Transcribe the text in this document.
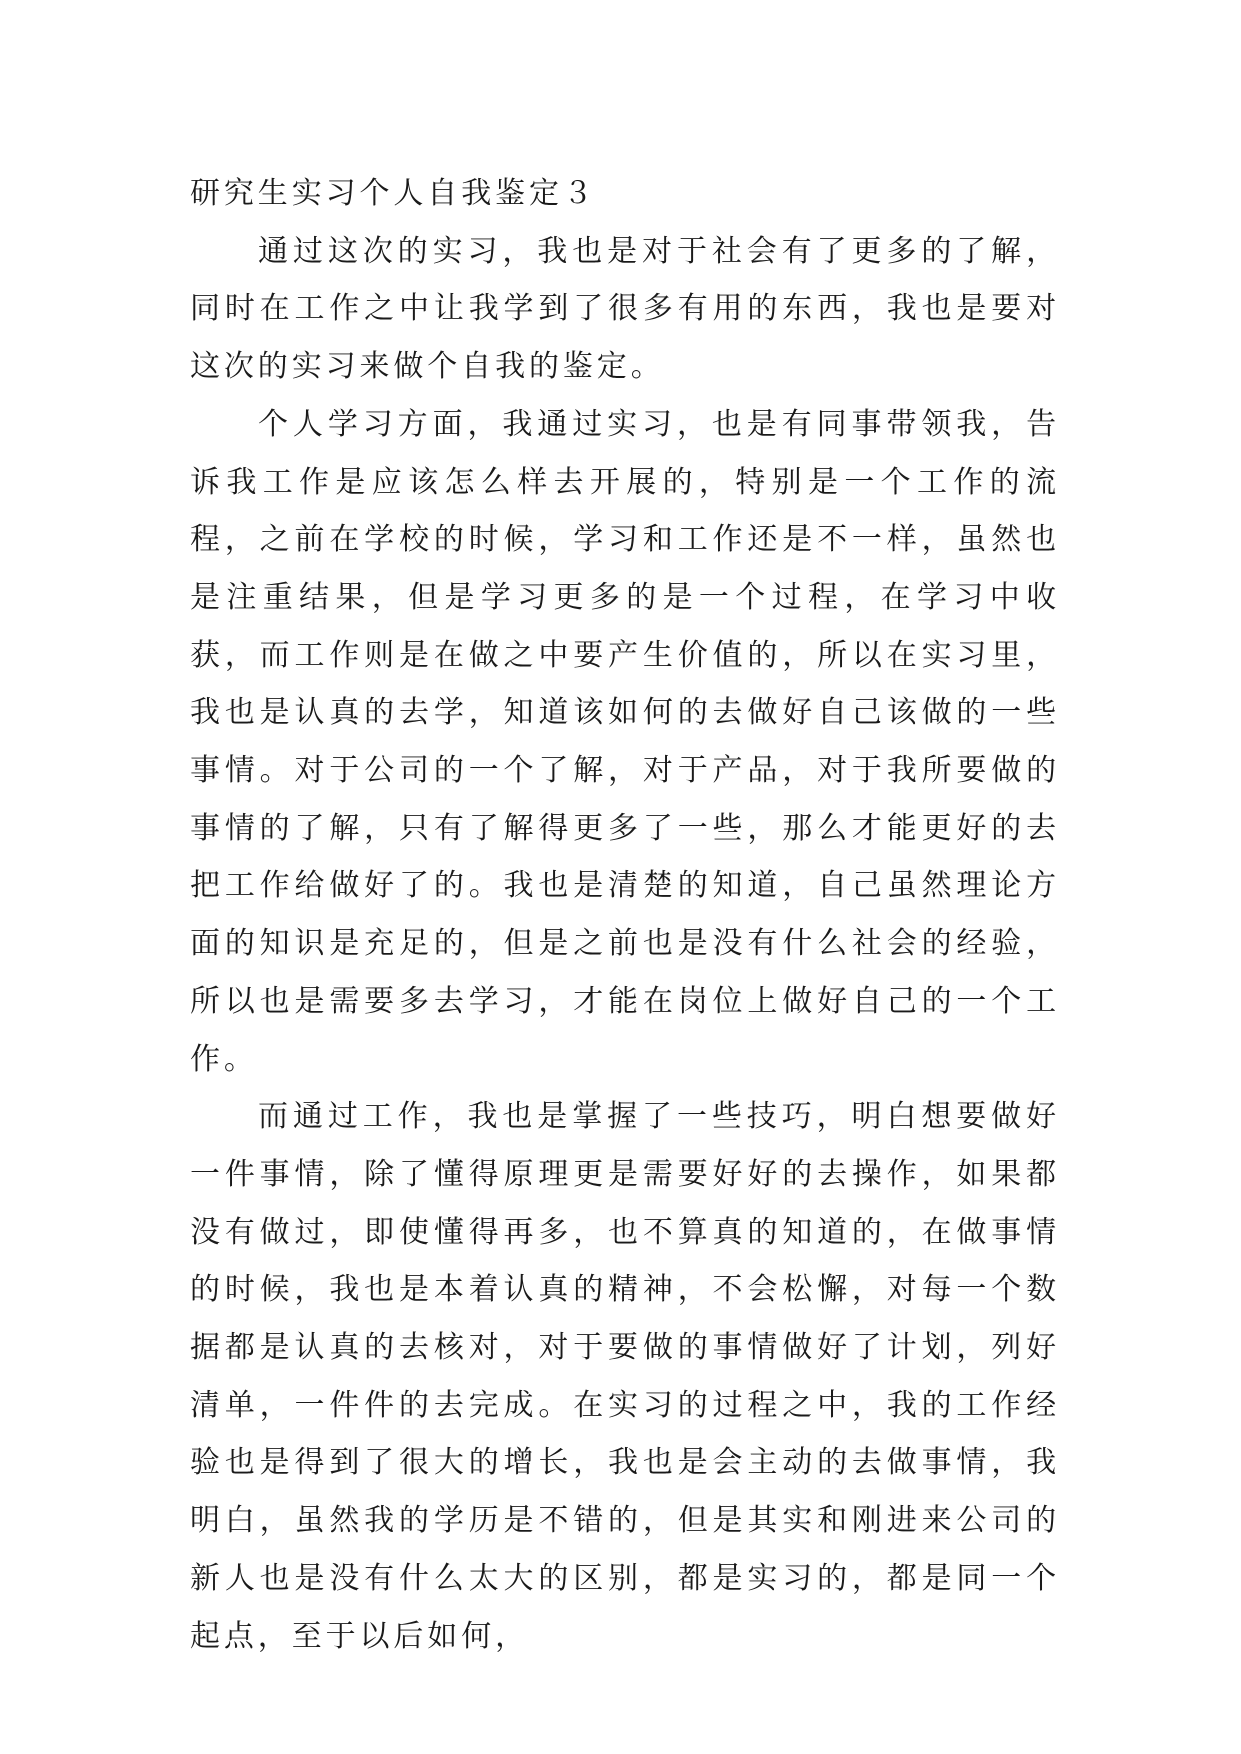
研究生实习个人自我鉴定３

通过这次的实习，我也是对于社会有了更多的了解，同时在工作之中让我学到了很多有用的东西，我也是要对这次的实习来做个自我的鉴定。

个人学习方面，我通过实习，也是有同事带领我，告诉我工作是应该怎么样去开展的，特别是一个工作的流程，之前在学校的时候，学习和工作还是不一样，虽然也是注重结果，但是学习更多的是一个过程，在学习中收获，而工作则是在做之中要产生价值的，所以在实习里，我也是认真的去学，知道该如何的去做好自己该做的一些事情。对于公司的一个了解，对于产品，对于我所要做的事情的了解，只有了解得更多了一些，那么才能更好的去把工作给做好了的。我也是清楚的知道，自己虽然理论方面的知识是充足的，但是之前也是没有什么社会的经验，所以也是需要多去学习，才能在岗位上做好自己的一个工作。

而通过工作，我也是掌握了一些技巧，明白想要做好一件事情，除了懂得原理更是需要好好的去操作，如果都没有做过，即使懂得再多，也不算真的知道的，在做事情的时候，我也是本着认真的精神，不会松懈，对每一个数据都是认真的去核对，对于要做的事情做好了计划，列好清单，一件件的去完成。在实习的过程之中，我的工作经验也是得到了很大的增长，我也是会主动的去做事情，我明白，虽然我的学历是不错的，但是其实和刚进来公司的新人也是没有什么太大的区别，都是实习的，都是同一个起点，至于以后如何，
